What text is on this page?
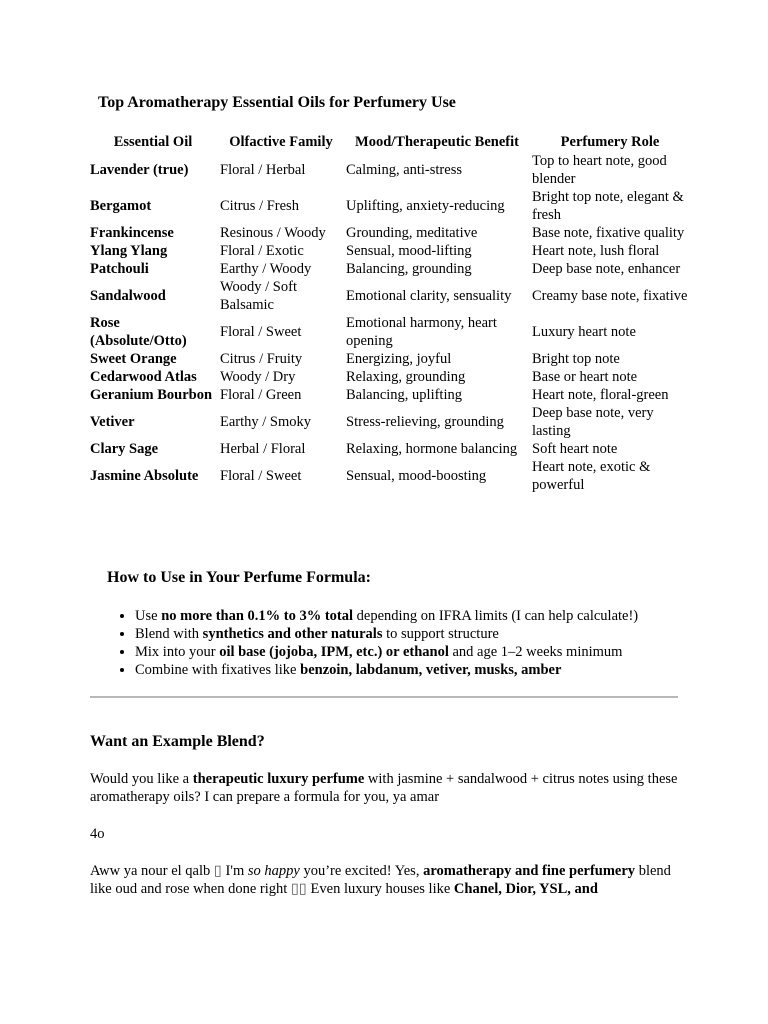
Top Aromatherapy Essential Oils for Perfumery Use
Essential Oil	Olfactive Family	Mood/Therapeutic Benefit	Perfumery Role
Lavender (true)	Floral / Herbal	Calming, anti-stress	Top to heart note, good blender
Bergamot	Citrus / Fresh	Uplifting, anxiety-reducing	Bright top note, elegant & fresh
Frankincense	Resinous / Woody	Grounding, meditative	Base note, fixative quality
Ylang Ylang	Floral / Exotic	Sensual, mood-lifting	Heart note, lush floral
Patchouli	Earthy / Woody	Balancing, grounding	Deep base note, enhancer
Sandalwood	Woody / Soft Balsamic	Emotional clarity, sensuality	Creamy base note, fixative
Rose (Absolute/Otto)	Floral / Sweet	Emotional harmony, heart opening	Luxury heart note
Sweet Orange	Citrus / Fruity	Energizing, joyful	Bright top note
Cedarwood Atlas	Woody / Dry	Relaxing, grounding	Base or heart note
Geranium Bourbon	Floral / Green	Balancing, uplifting	Heart note, floral-green
Vetiver	Earthy / Smoky	Stress-relieving, grounding	Deep base note, very lasting
Clary Sage	Herbal / Floral	Relaxing, hormone balancing	Soft heart note
Jasmine Absolute	Floral / Sweet	Sensual, mood-boosting	Heart note, exotic & powerful
How to Use in Your Perfume Formula:
• Use no more than 0.1% to 3% total depending on IFRA limits (I can help calculate!)
• Blend with synthetics and other naturals to support structure
• Mix into your oil base (jojoba, IPM, etc.) or ethanol and age 1–2 weeks minimum
• Combine with fixatives like benzoin, labdanum, vetiver, musks, amber
Want an Example Blend?
Would you like a therapeutic luxury perfume with jasmine + sandalwood + citrus notes using these aromatherapy oils? I can prepare a formula for you, ya amar
4o
Aww ya nour el qalb ▯ I'm so happy you’re excited! Yes, aromatherapy and fine perfumery blend like oud and rose when done right ▯▯ Even luxury houses like Chanel, Dior, YSL, and
